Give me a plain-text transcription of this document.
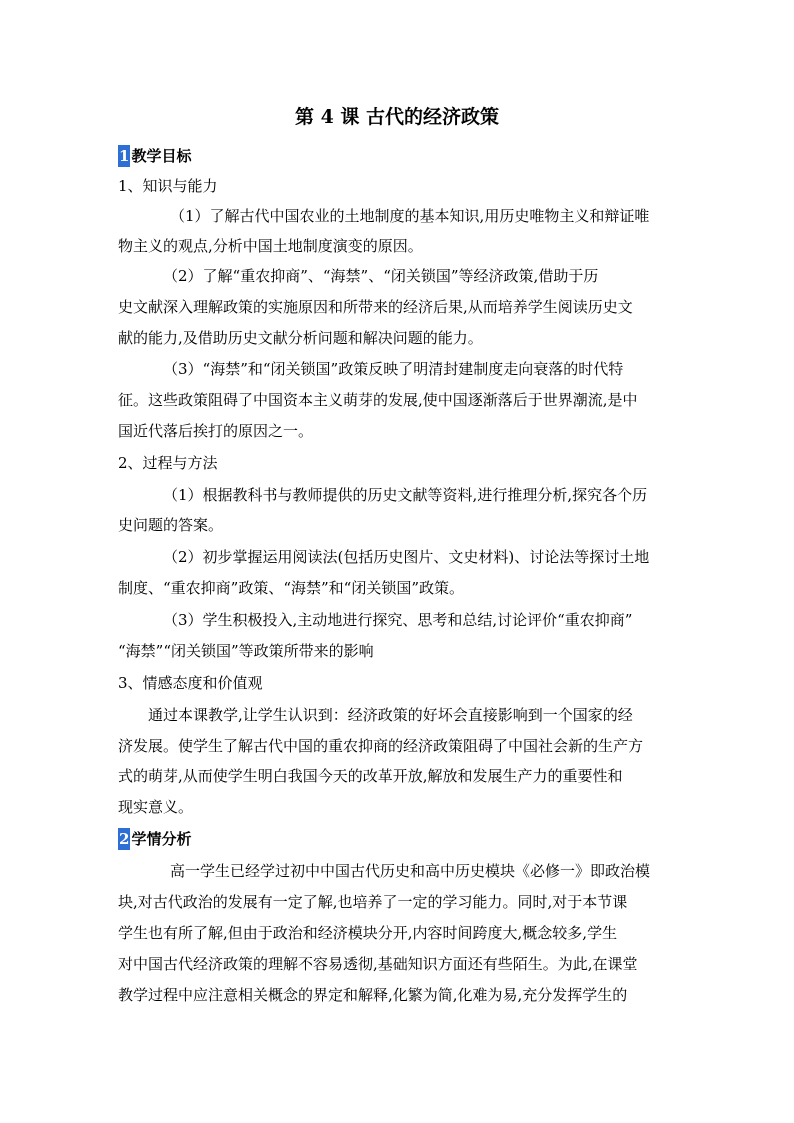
第 4 课 古代的经济政策
1 教学目标
1、知识与能力
（1）了解古代中国农业的土地制度的基本知识,用历史唯物主义和辩证唯
物主义的观点,分析中国土地制度演变的原因。
（2）了解“重农抑商”、“海禁”、“闭关锁国”等经济政策,借助于历
史文献深入理解政策的实施原因和所带来的经济后果,从而培养学生阅读历史文
献的能力,及借助历史文献分析问题和解决问题的能力。
（3）“海禁”和“闭关锁国”政策反映了明清封建制度走向衰落的时代特
征。这些政策阻碍了中国资本主义萌芽的发展,使中国逐渐落后于世界潮流,是中
国近代落后挨打的原因之一。
2、过程与方法
（1）根据教科书与教师提供的历史文献等资料,进行推理分析,探究各个历
史问题的答案。
（2）初步掌握运用阅读法(包括历史图片、文史材料)、讨论法等探讨土地
制度、“重农抑商”政策、“海禁”和“闭关锁国”政策。
（3）学生积极投入,主动地进行探究、思考和总结,讨论评价“重农抑商”
“海禁”“闭关锁国”等政策所带来的影响
3、情感态度和价值观
通过本课教学,让学生认识到：经济政策的好坏会直接影响到一个国家的经
济发展。使学生了解古代中国的重农抑商的经济政策阻碍了中国社会新的生产方
式的萌芽,从而使学生明白我国今天的改革开放,解放和发展生产力的重要性和
现实意义。
2 学情分析
高一学生已经学过初中中国古代历史和高中历史模块《必修一》即政治模
块,对古代政治的发展有一定了解,也培养了一定的学习能力。同时,对于本节课
学生也有所了解,但由于政治和经济模块分开,内容时间跨度大,概念较多,学生
对中国古代经济政策的理解不容易透彻,基础知识方面还有些陌生。为此,在课堂
教学过程中应注意相关概念的界定和解释,化繁为简,化难为易,充分发挥学生的
